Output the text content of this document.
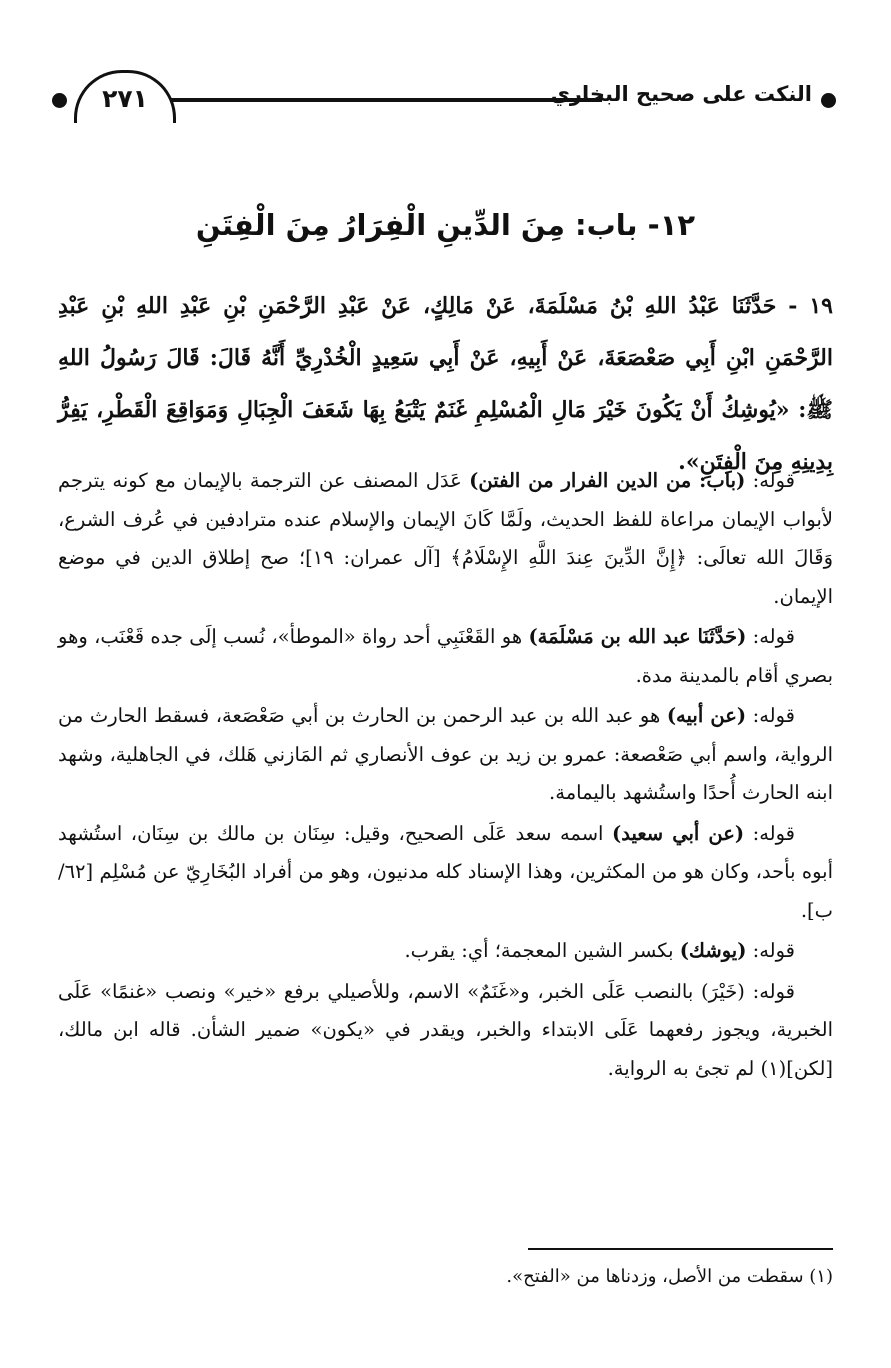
٢٧١	النكت على صحيح البخاري
١٢- باب: مِنَ الدِّينِ الْفِرَارُ مِنَ الْفِتَنِ
١٩ - حَدَّثَنَا عَبْدُ اللهِ بْنُ مَسْلَمَةَ، عَنْ مَالِكٍ، عَنْ عَبْدِ الرَّحْمَنِ بْنِ عَبْدِ اللهِ بْنِ عَبْدِ الرَّحْمَنِ ابْنِ أَبِي صَعْصَعَةَ، عَنْ أَبِيهِ، عَنْ أَبِي سَعِيدٍ الْخُدْرِيِّ أَنَّهُ قَالَ: قَالَ رَسُولُ اللهِ ﷺ: «يُوشِكُ أَنْ يَكُونَ خَيْرَ مَالِ الْمُسْلِمِ غَنَمٌ يَتْبَعُ بِهَا شَعَفَ الْجِبَالِ وَمَوَاقِعَ الْقَطْرِ، يَفِرُّ بِدِينِهِ مِنَ الْفِتَنِ».

قوله: (باب: من الدين الفرار من الفتن) عَدَل المصنف عن الترجمة بالإيمان مع كونه يترجم لأبواب الإيمان مراعاة للفظ الحديث، ولَمَّا كَانَ الإيمان والإسلام عنده مترادفين في عُرف الشرع، وَقَالَ الله تعالَى: ﴿إِنَّ الدِّينَ عِندَ اللَّهِ الإِسْلَامُ﴾ [آل عمران: ١٩]؛ صح إطلاق الدين في موضع الإيمان.

قوله: (حَدَّثَنَا عبد الله بن مَسْلَمَة) هو القَعْنَبِي أحد رواة «الموطأ»، نُسب إلَى جده قَعْنَب، وهو بصري أقام بالمدينة مدة.

قوله: (عن أبيه) هو عبد الله بن عبد الرحمن بن الحارث بن أبي صَعْصَعة، فسقط الحارث من الرواية، واسم أبي صَعْصعة: عمرو بن زيد بن عوف الأنصاري ثم المَازني هَلك، في الجاهلية، وشهد ابنه الحارث أُحدًا واستُشهد باليمامة.

قوله: (عن أبي سعيد) اسمه سعد عَلَى الصحيح، وقيل: سِنَان بن مالك بن سِنَان، استُشهد أبوه بأحد، وكان هو من المكثرين، وهذا الإسناد كله مدنيون، وهو من أفراد البُخَارِيّ عن مُسْلِم [٦٢/ب].

قوله: (يوشك) بكسر الشين المعجمة؛ أي: يقرب.

قوله: (خَيْرَ) بالنصب عَلَى الخبر، و«غَنَمٌ» الاسم، وللأصيلي برفع «خير» ونصب «غنمًا» عَلَى الخبرية، ويجوز رفعهما عَلَى الابتداء والخبر، ويقدر في «يكون» ضمير الشأن. قاله ابن مالك، [لكن](١) لم تجئ به الرواية.

(١) سقطت من الأصل، وزدناها من «الفتح».
